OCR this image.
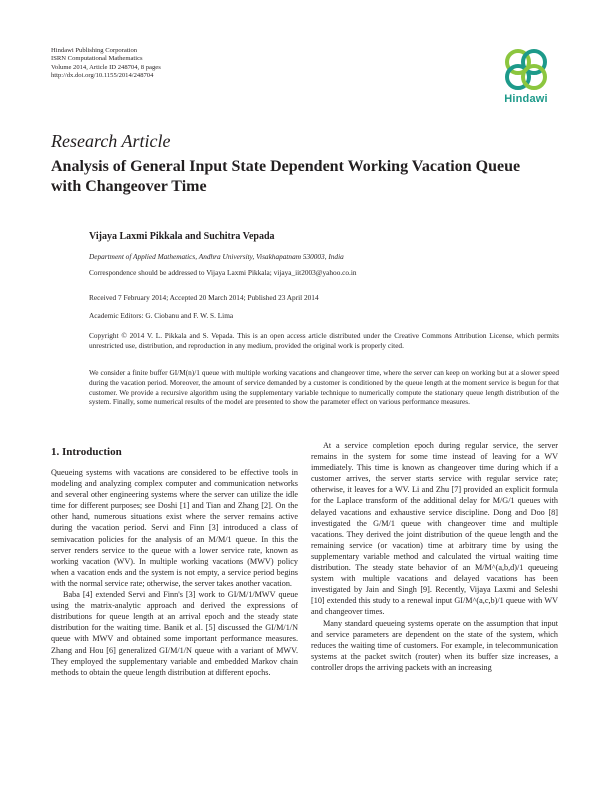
Hindawi Publishing Corporation
ISRN Computational Mathematics
Volume 2014, Article ID 248704, 8 pages
http://dx.doi.org/10.1155/2014/248704
Hindawi
Research Article
Analysis of General Input State Dependent Working Vacation Queue with Changeover Time
Vijaya Laxmi Pikkala and Suchitra Vepada
Department of Applied Mathematics, Andhra University, Visakhapatnam 530003, India
Correspondence should be addressed to Vijaya Laxmi Pikkala; vijaya_iit2003@yahoo.co.in
Received 7 February 2014; Accepted 20 March 2014; Published 23 April 2014
Academic Editors: G. Ciobanu and F. W. S. Lima
Copyright © 2014 V. L. Pikkala and S. Vepada. This is an open access article distributed under the Creative Commons Attribution License, which permits unrestricted use, distribution, and reproduction in any medium, provided the original work is properly cited.
We consider a finite buffer GI/M(n)/1 queue with multiple working vacations and changeover time, where the server can keep on working but at a slower speed during the vacation period. Moreover, the amount of service demanded by a customer is conditioned by the queue length at the moment service is begun for that customer. We provide a recursive algorithm using the supplementary variable technique to numerically compute the stationary queue length distribution of the system. Finally, some numerical results of the model are presented to show the parameter effect on various performance measures.
1. Introduction

Queueing systems with vacations are considered to be effective tools in modeling and analyzing complex computer and communication networks and several other engineering systems where the server can utilize the idle time for different purposes; see Doshi [1] and Tian and Zhang [2]. On the other hand, numerous situations exist where the server remains active during the vacation period. Servi and Finn [3] introduced a class of semivacation policies for the analysis of an M/M/1 queue. In this the server renders service to the queue with a lower service rate, known as working vacation (WV). In multiple working vacations (MWV) policy when a vacation ends and the system is not empty, a service period begins with the normal service rate; otherwise, the server takes another vacation.

Baba [4] extended Servi and Finn's [3] work to GI/M/1/MWV queue using the matrix-analytic approach and derived the expressions of distributions for queue length at an arrival epoch and the steady state distribution for the waiting time. Banik et al. [5] discussed the GI/M/1/N queue with MWV and obtained some important performance measures. Zhang and Hou [6] generalized GI/M/1/N queue with a variant of MWV. They employed the supplementary variable and embedded Markov chain methods to obtain the queue length distribution at different epochs.

At a service completion epoch during regular service, the server remains in the system for some time instead of leaving for a WV immediately. This time is known as changeover time during which if a customer arrives, the server starts service with regular service rate; otherwise, it leaves for a WV. Li and Zhu [7] provided an explicit formula for the Laplace transform of the additional delay for M/G/1 queues with delayed vacations and exhaustive service discipline. Dong and Doo [8] investigated the G/M/1 queue with changeover time and multiple vacations. They derived the joint distribution of the queue length and the remaining service (or vacation) time at arbitrary time by using the supplementary variable method and calculated the virtual waiting time distribution. The steady state behavior of an M/M^(a,b,d)/1 queueing system with multiple vacations and delayed vacations has been investigated by Jain and Singh [9]. Recently, Vijaya Laxmi and Seleshi [10] extended this study to a renewal input GI/M^(a,c,b)/1 queue with WV and changeover times.

Many standard queueing systems operate on the assumption that input and service parameters are dependent on the state of the system, which reduces the waiting time of customers. For example, in telecommunication systems at the packet switch (router) when its buffer size increases, a controller drops the arriving packets with an increasing
